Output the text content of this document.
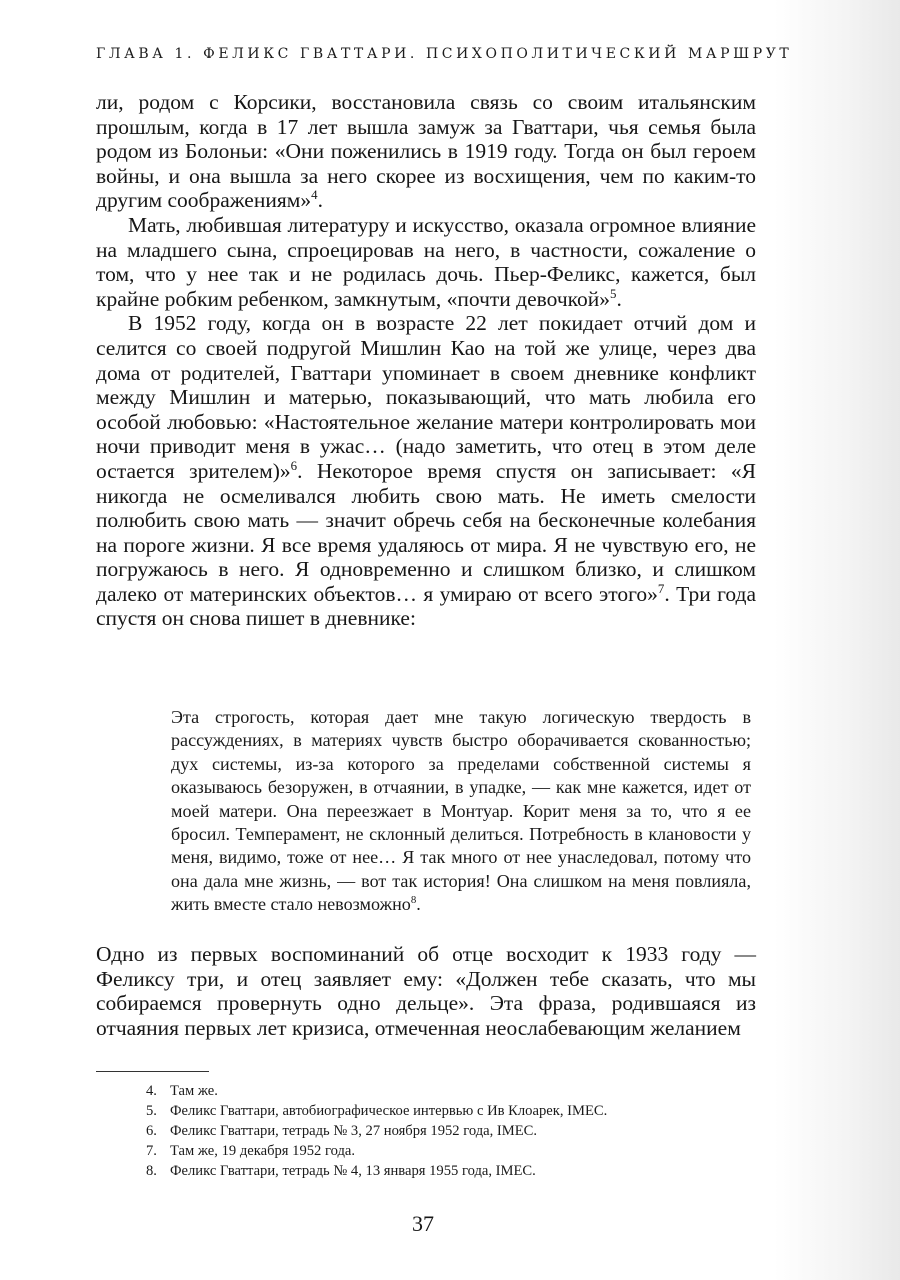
ГЛАВА 1. ФЕЛИКС ГВАТТАРИ. ПСИХОПОЛИТИЧЕСКИЙ МАРШРУТ

ли, родом с Корсики, восстановила связь со своим итальянским прошлым, когда в 17 лет вышла замуж за Гваттари, чья семья была родом из Болоньи: «Они поженились в 1919 году. Тогда он был героем войны, и она вышла за него скорее из восхищения, чем по каким-то другим соображениям»$^4$.

Мать, любившая литературу и искусство, оказала огромное влияние на младшего сына, спроецировав на него, в частности, сожаление о том, что у нее так и не родилась дочь. Пьер-Феликс, кажется, был крайне робким ребенком, замкнутым, «почти девочкой»$^5$.

В 1952 году, когда он в возрасте 22 лет покидает отчий дом и селится со своей подругой Мишлин Као на той же улице, через два дома от родителей, Гваттари упоминает в своем дневнике конфликт между Мишлин и матерью, показывающий, что мать любила его особой любовью: «Настоятельное желание матери контролировать мои ночи приводит меня в ужас… (надо заметить, что отец в этом деле остается зрителем)»$^6$. Некоторое время спустя он записывает: «Я никогда не осмеливался любить свою мать. Не иметь смелости полюбить свою мать — значит обречь себя на бесконечные колебания на пороге жизни. Я все время удаляюсь от мира. Я не чувствую его, не погружаюсь в него. Я одновременно и слишком близко, и слишком далеко от материнских объектов… я умираю от всего этого»$^7$. Три года спустя он снова пишет в дневнике:

Эта строгость, которая дает мне такую логическую твердость в рассуждениях, в материях чувств быстро оборачивается скованностью; дух системы, из-за которого за пределами собственной системы я оказываюсь безоружен, в отчаянии, в упадке, — как мне кажется, идет от моей матери. Она переезжает в Монтуар. Корит меня за то, что я ее бросил. Темперамент, не склонный делиться. Потребность в клановости у меня, видимо, тоже от нее… Я так много от нее унаследовал, потому что она дала мне жизнь, — вот так история! Она слишком на меня повлияла, жить вместе стало невозможно$^8$.

Одно из первых воспоминаний об отце восходит к 1933 году — Феликсу три, и отец заявляет ему: «Должен тебе сказать, что мы собираемся провернуть одно дельце». Эта фраза, родившаяся из отчаяния первых лет кризиса, отмеченная неослабевающим желанием

4. Там же.
5. Феликс Гваттари, автобиографическое интервью с Ив Клоарек, IMEC.
6. Феликс Гваттари, тетрадь № 3, 27 ноября 1952 года, IMEC.
7. Там же, 19 декабря 1952 года.
8. Феликс Гваттари, тетрадь № 4, 13 января 1955 года, IMEC.
37
